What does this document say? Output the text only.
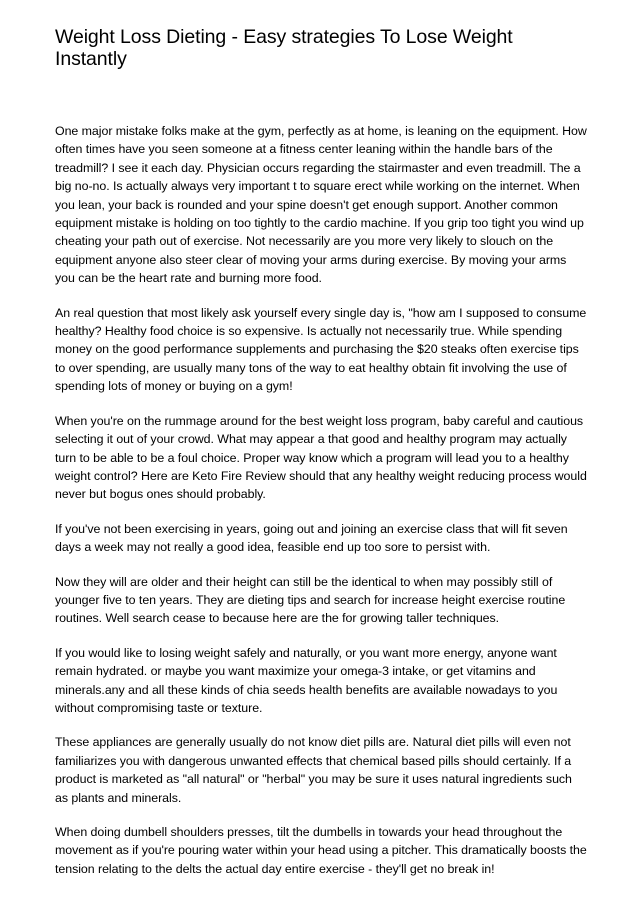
Weight Loss Dieting - Easy strategies To Lose Weight Instantly

One major mistake folks make at the gym, perfectly as at home, is leaning on the equipment. How often times have you seen someone at a fitness center leaning within the handle bars of the treadmill? I see it each day. Physician occurs regarding the stairmaster and even treadmill. The a big no-no. Is actually always very important t to square erect while working on the internet. When you lean, your back is rounded and your spine doesn't get enough support. Another common equipment mistake is holding on too tightly to the cardio machine. If you grip too tight you wind up cheating your path out of exercise. Not necessarily are you more very likely to slouch on the equipment anyone also steer clear of moving your arms during exercise. By moving your arms you can be the heart rate and burning more food.

An real question that most likely ask yourself every single day is, "how am I supposed to consume healthy? Healthy food choice is so expensive. Is actually not necessarily true. While spending money on the good performance supplements and purchasing the $20 steaks often exercise tips to over spending, are usually many tons of the way to eat healthy obtain fit involving the use of spending lots of money or buying on a gym!

When you're on the rummage around for the best weight loss program, baby careful and cautious selecting it out of your crowd. What may appear a that good and healthy program may actually turn to be able to be a foul choice. Proper way know which a program will lead you to a healthy weight control? Here are Keto Fire Review should that any healthy weight reducing process would never but bogus ones should probably.

If you've not been exercising in years, going out and joining an exercise class that will fit seven days a week may not really a good idea, feasible end up too sore to persist with.

Now they will are older and their height can still be the identical to when may possibly still of younger five to ten years. They are dieting tips and search for increase height exercise routine routines. Well search cease to because here are the for growing taller techniques.

If you would like to losing weight safely and naturally, or you want more energy, anyone want remain hydrated. or maybe you want maximize your omega-3 intake, or get vitamins and minerals.any and all these kinds of chia seeds health benefits are available nowadays to you without compromising taste or texture.

These appliances are generally usually do not know diet pills are. Natural diet pills will even not familiarizes you with dangerous unwanted effects that chemical based pills should certainly. If a product is marketed as "all natural" or "herbal" you may be sure it uses natural ingredients such as plants and minerals.

When doing dumbell shoulders presses, tilt the dumbells in towards your head throughout the movement as if you're pouring water within your head using a pitcher. This dramatically boosts the tension relating to the delts the actual day entire exercise - they'll get no break in!
